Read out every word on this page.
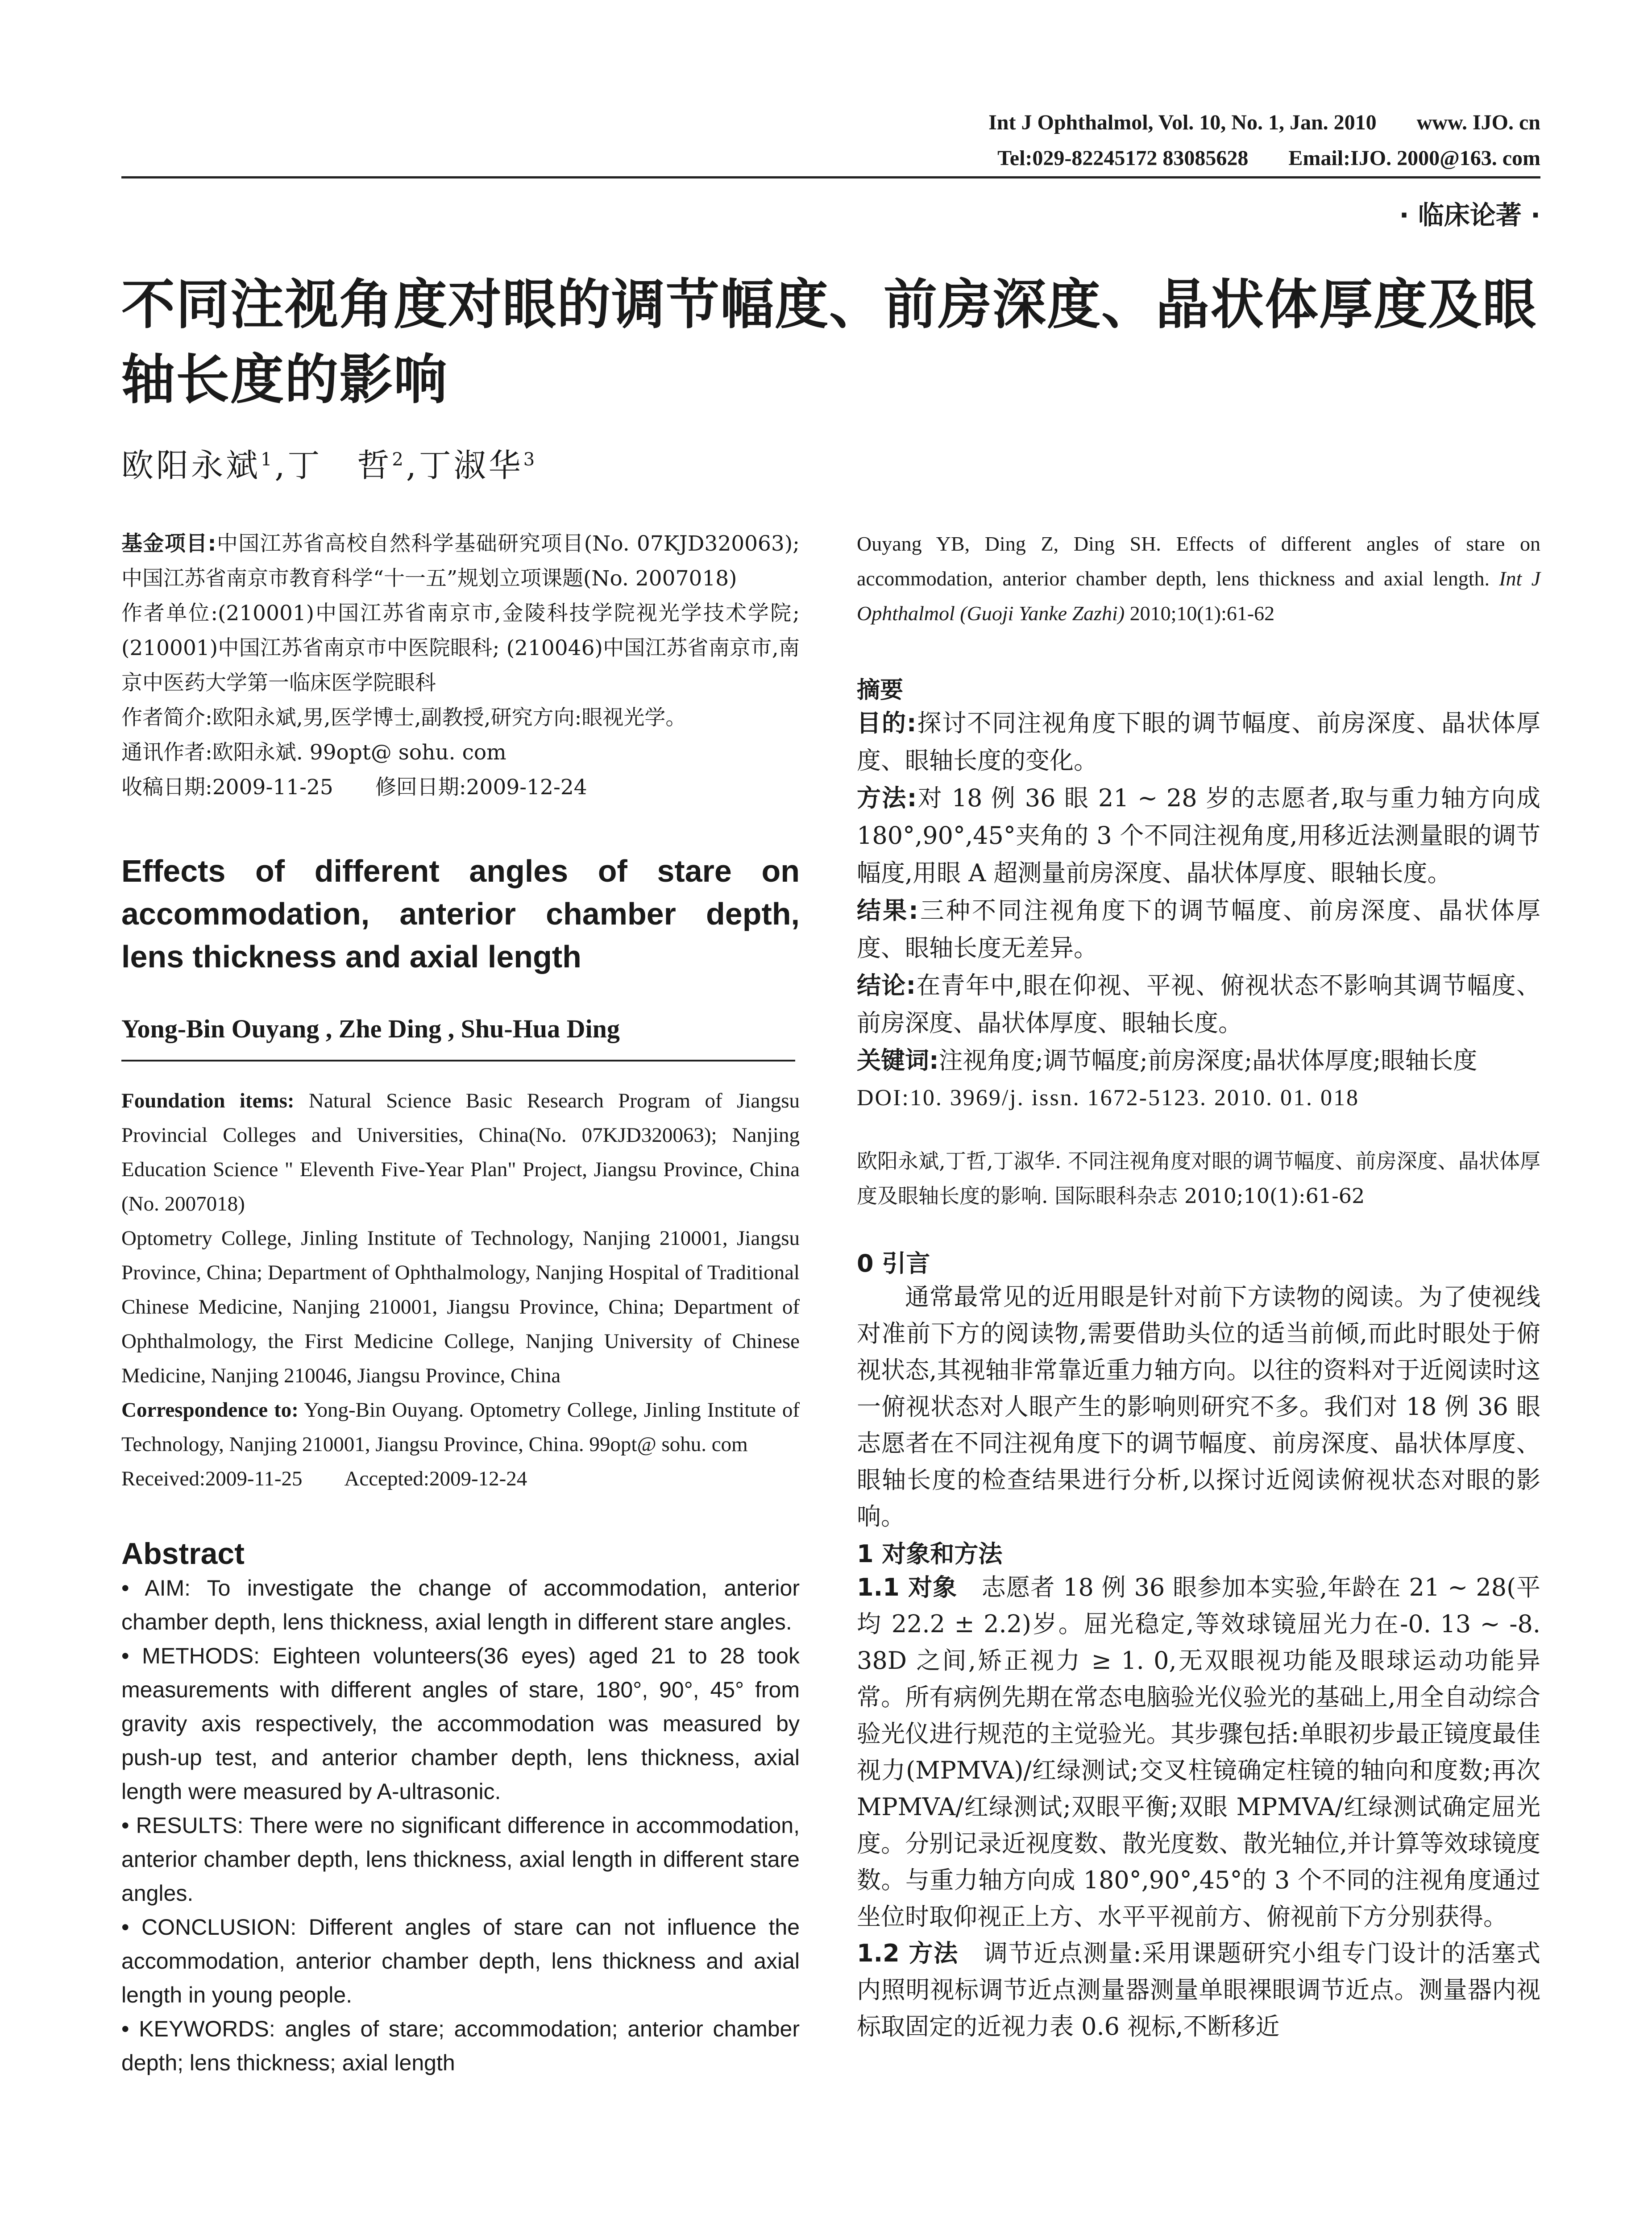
Int J Ophthalmol, Vol. 10, No. 1, Jan. 2010 www. IJO. cn
Tel:029-82245172 83085628 Email:IJO. 2000@163. com
· 临床论著 ·
不同注视角度对眼的调节幅度、前房深度、晶状体厚度及眼轴长度的影响
欧阳永斌$^1$,丁　哲$^2$,丁淑华$^3$

基金项目:中国江苏省高校自然科学基础研究项目(No. 07KJD320063);中国江苏省南京市教育科学“十一五”规划立项课题(No. 2007018)

作者单位:(210001)中国江苏省南京市,金陵科技学院视光学技术学院; (210001)中国江苏省南京市中医院眼科; (210046)中国江苏省南京市,南京中医药大学第一临床医学院眼科

作者简介:欧阳永斌,男,医学博士,副教授,研究方向:眼视光学。

通讯作者:欧阳永斌. 99opt@ sohu. com

收稿日期:2009-11-25　　修回日期:2009-12-24

Effects of different angles of stare on accommodation, anterior chamber depth, lens thickness and axial length
Yong-Bin Ouyang , Zhe Ding , Shu-Hua Ding

Foundation items: Natural Science Basic Research Program of Jiangsu Provincial Colleges and Universities, China(No. 07KJD320063); Nanjing Education Science " Eleventh Five-Year Plan" Project, Jiangsu Province, China (No. 2007018)

Optometry College, Jinling Institute of Technology, Nanjing 210001, Jiangsu Province, China; Department of Ophthalmology, Nanjing Hospital of Traditional Chinese Medicine, Nanjing 210001, Jiangsu Province, China; Department of Ophthalmology, the First Medicine College, Nanjing University of Chinese Medicine, Nanjing 210046, Jiangsu Province, China

Correspondence to: Yong-Bin Ouyang. Optometry College, Jinling Institute of Technology, Nanjing 210001, Jiangsu Province, China. 99opt@ sohu. com

Received:2009-11-25　　Accepted:2009-12-24

Abstract

• AIM: To investigate the change of accommodation, anterior chamber depth, lens thickness, axial length in different stare angles.

• METHODS: Eighteen volunteers(36 eyes) aged 21 to 28 took measurements with different angles of stare, 180°, 90°, 45° from gravity axis respectively, the accommodation was measured by push-up test, and anterior chamber depth, lens thickness, axial length were measured by A-ultrasonic.

• RESULTS: There were no significant difference in accommodation, anterior chamber depth, lens thickness, axial length in different stare angles.

• CONCLUSION: Different angles of stare can not influence the accommodation, anterior chamber depth, lens thickness and axial length in young people.

• KEYWORDS: angles of stare; accommodation; anterior chamber depth; lens thickness; axial length

Ouyang YB, Ding Z, Ding SH. Effects of different angles of stare on accommodation, anterior chamber depth, lens thickness and axial length. Int J Ophthalmol (Guoji Yanke Zazhi) 2010;10(1):61-62

摘要

目的:探讨不同注视角度下眼的调节幅度、前房深度、晶状体厚度、眼轴长度的变化。

方法:对 18 例 36 眼 21 ~ 28 岁的志愿者,取与重力轴方向成 180°,90°,45°夹角的 3 个不同注视角度,用移近法测量眼的调节幅度,用眼 A 超测量前房深度、晶状体厚度、眼轴长度。

结果:三种不同注视角度下的调节幅度、前房深度、晶状体厚度、眼轴长度无差异。

结论:在青年中,眼在仰视、平视、俯视状态不影响其调节幅度、前房深度、晶状体厚度、眼轴长度。

关键词:注视角度;调节幅度;前房深度;晶状体厚度;眼轴长度

DOI:10. 3969/j. issn. 1672-5123. 2010. 01. 018

欧阳永斌,丁哲,丁淑华. 不同注视角度对眼的调节幅度、前房深度、晶状体厚度及眼轴长度的影响. 国际眼科杂志 2010;10(1):61-62

0 引言

通常最常见的近用眼是针对前下方读物的阅读。为了使视线对准前下方的阅读物,需要借助头位的适当前倾,而此时眼处于俯视状态,其视轴非常靠近重力轴方向。以往的资料对于近阅读时这一俯视状态对人眼产生的影响则研究不多。我们对 18 例 36 眼志愿者在不同注视角度下的调节幅度、前房深度、晶状体厚度、眼轴长度的检查结果进行分析,以探讨近阅读俯视状态对眼的影响。

1 对象和方法

1.1 对象　志愿者 18 例 36 眼参加本实验,年龄在 21 ~ 28(平均 22.2 ± 2.2)岁。屈光稳定,等效球镜屈光力在-0. 13 ~ -8. 38D 之间,矫正视力 ≥ 1. 0,无双眼视功能及眼球运动功能异常。所有病例先期在常态电脑验光仪验光的基础上,用全自动综合验光仪进行规范的主觉验光。其步骤包括:单眼初步最正镜度最佳视力(MPMVA)/红绿测试;交叉柱镜确定柱镜的轴向和度数;再次 MPMVA/红绿测试;双眼平衡;双眼 MPMVA/红绿测试确定屈光度。分别记录近视度数、散光度数、散光轴位,并计算等效球镜度数。与重力轴方向成 180°,90°,45°的 3 个不同的注视角度通过坐位时取仰视正上方、水平平视前方、俯视前下方分别获得。

1.2 方法　调节近点测量:采用课题研究小组专门设计的活塞式内照明视标调节近点测量器测量单眼裸眼调节近点。测量器内视标取固定的近视力表 0.6 视标,不断移近
